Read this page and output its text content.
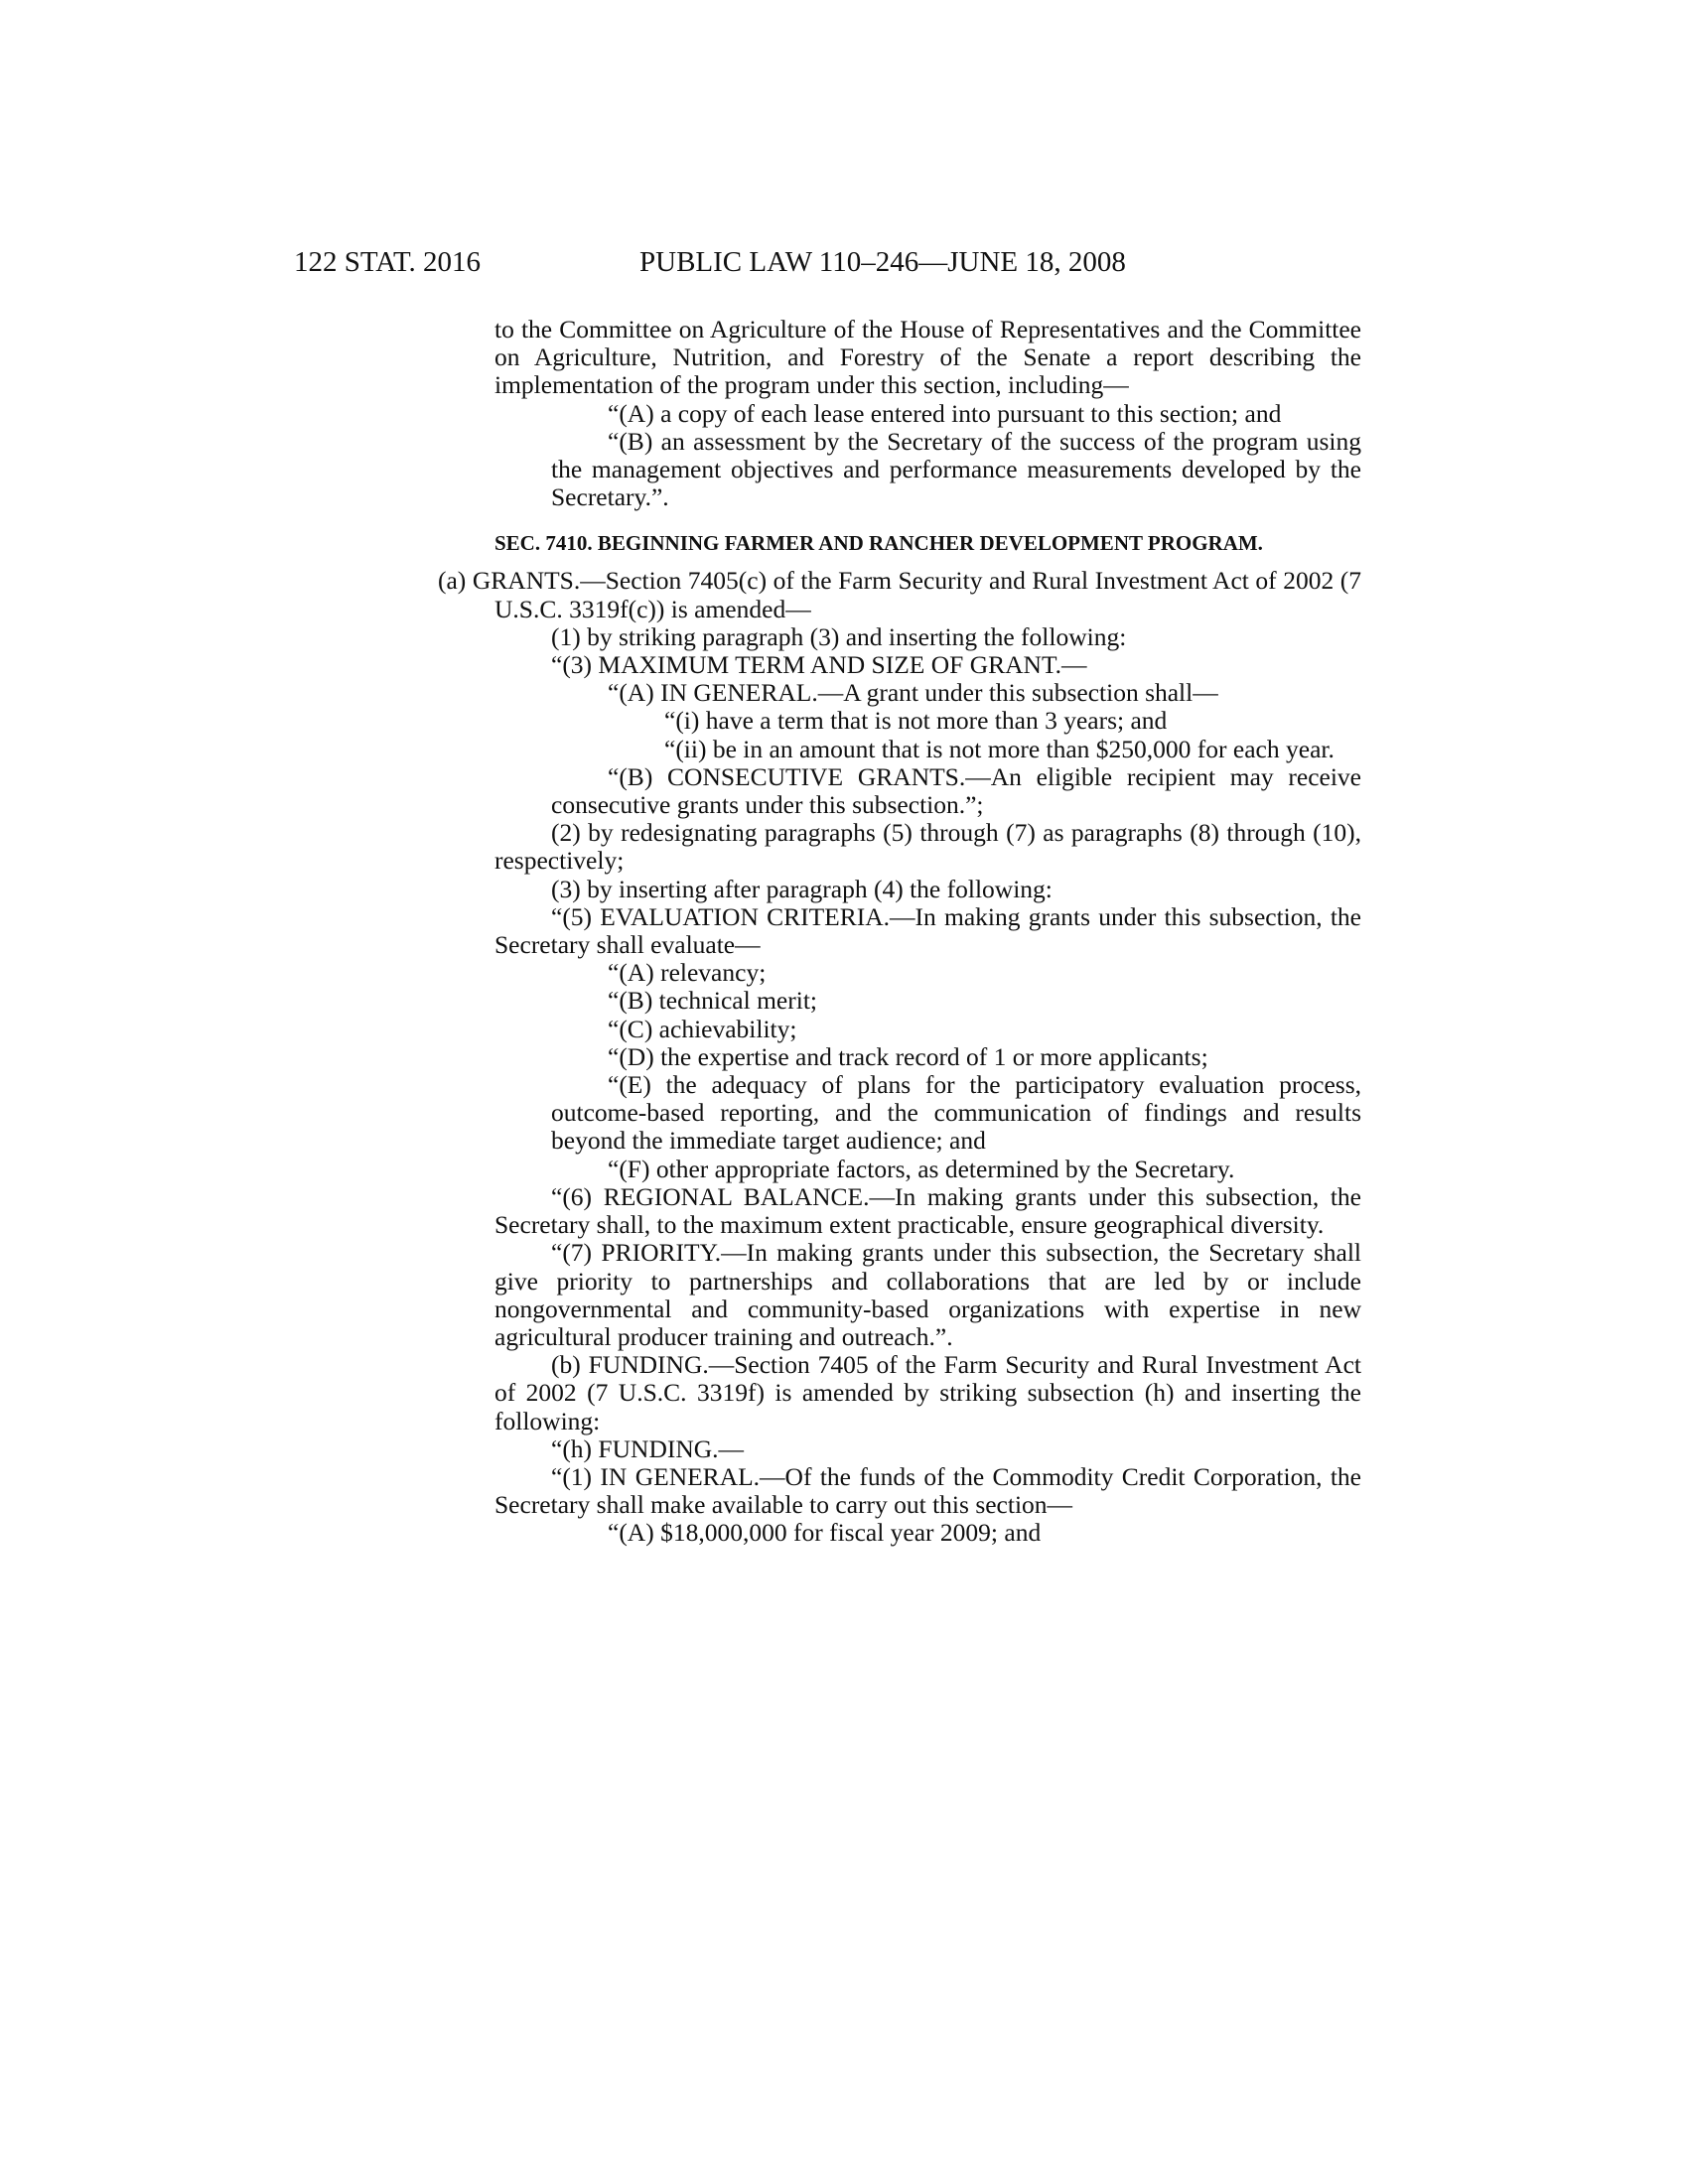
122 STAT. 2016	PUBLIC LAW 110–246—JUNE 18, 2008

to the Committee on Agriculture of the House of Representatives and the Committee on Agriculture, Nutrition, and Forestry of the Senate a report describing the implementation of the program under this section, including—

“(A) a copy of each lease entered into pursuant to this section; and

“(B) an assessment by the Secretary of the success of the program using the management objectives and performance measurements developed by the Secretary.”.

SEC. 7410. BEGINNING FARMER AND RANCHER DEVELOPMENT PROGRAM.

(a) GRANTS.—Section 7405(c) of the Farm Security and Rural Investment Act of 2002 (7 U.S.C. 3319f(c)) is amended—

(1) by striking paragraph (3) and inserting the following:

“(3) MAXIMUM TERM AND SIZE OF GRANT.—

“(A) IN GENERAL.—A grant under this subsection shall—

“(i) have a term that is not more than 3 years; and

“(ii) be in an amount that is not more than $250,000 for each year.

“(B) CONSECUTIVE GRANTS.—An eligible recipient may receive consecutive grants under this subsection.”;

(2) by redesignating paragraphs (5) through (7) as paragraphs (8) through (10), respectively;

(3) by inserting after paragraph (4) the following:

“(5) EVALUATION CRITERIA.—In making grants under this subsection, the Secretary shall evaluate—

“(A) relevancy;

“(B) technical merit;

“(C) achievability;

“(D) the expertise and track record of 1 or more applicants;

“(E) the adequacy of plans for the participatory evaluation process, outcome-based reporting, and the communication of findings and results beyond the immediate target audience; and

“(F) other appropriate factors, as determined by the Secretary.

“(6) REGIONAL BALANCE.—In making grants under this subsection, the Secretary shall, to the maximum extent practicable, ensure geographical diversity.

“(7) PRIORITY.—In making grants under this subsection, the Secretary shall give priority to partnerships and collaborations that are led by or include nongovernmental and community-based organizations with expertise in new agricultural producer training and outreach.”.

(b) FUNDING.—Section 7405 of the Farm Security and Rural Investment Act of 2002 (7 U.S.C. 3319f) is amended by striking subsection (h) and inserting the following:

“(h) FUNDING.—

“(1) IN GENERAL.—Of the funds of the Commodity Credit Corporation, the Secretary shall make available to carry out this section—

“(A) $18,000,000 for fiscal year 2009; and
